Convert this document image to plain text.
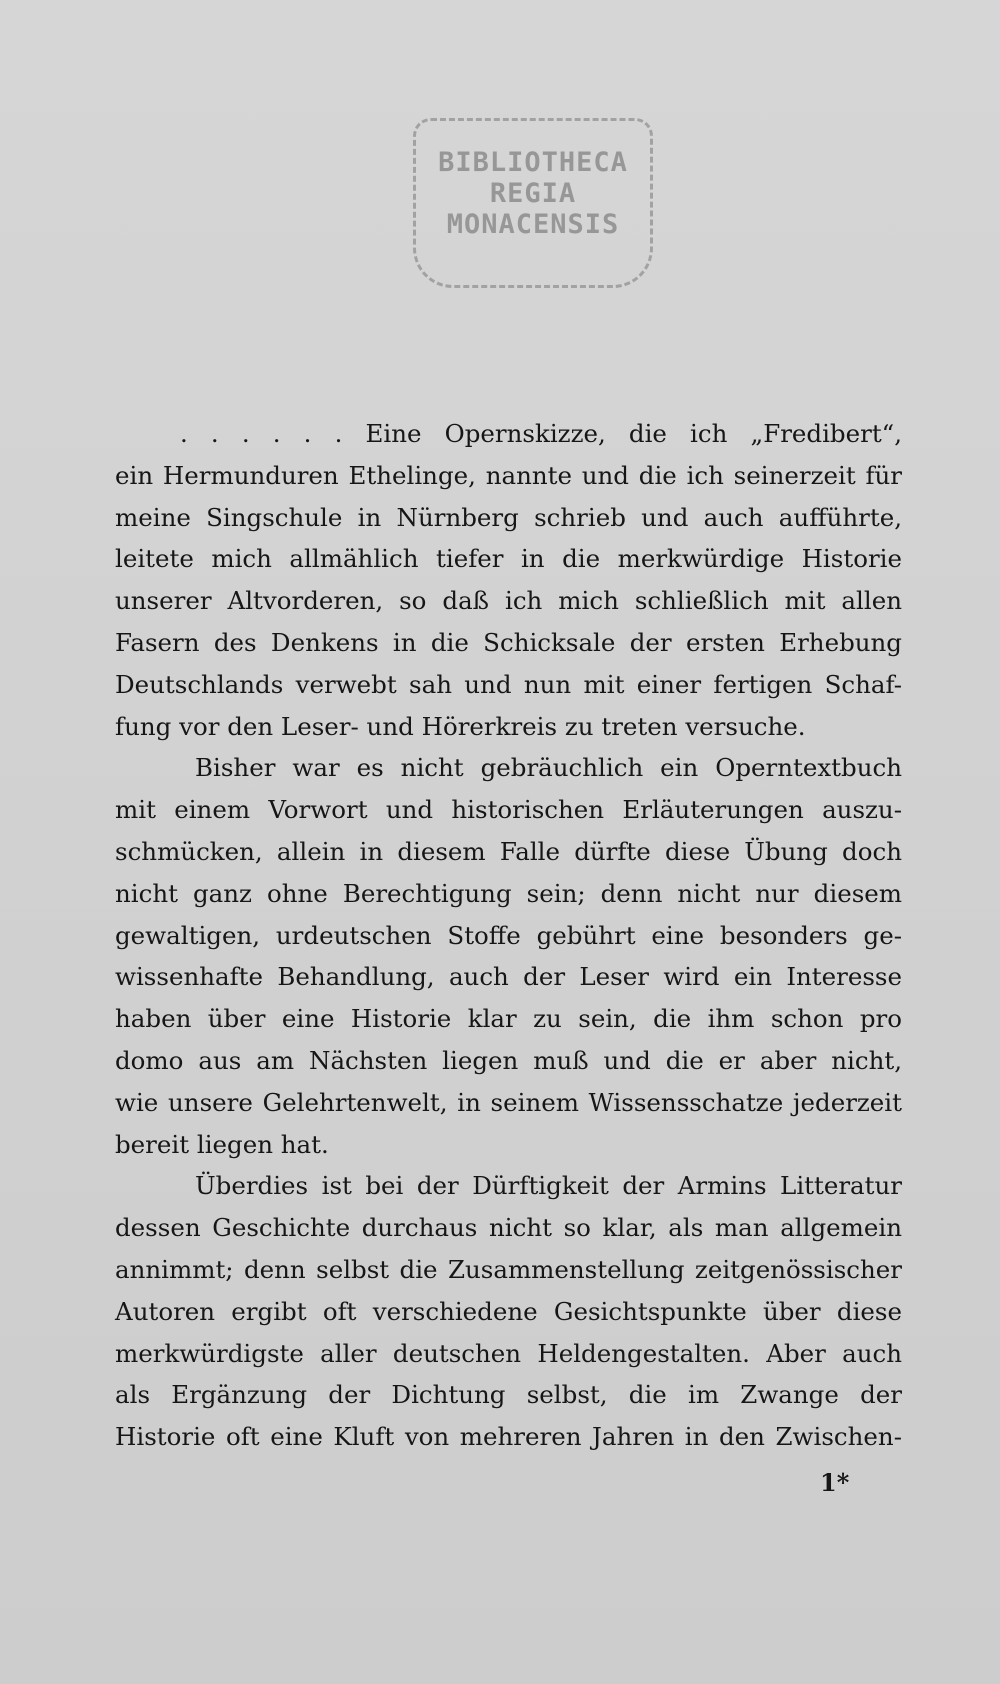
BIBLIOTHECA
REGIA
MONACENSIS
. . . . . . Eine Opernskizze, die ich „Fredibert“,
ein Hermunduren Ethelinge, nannte und die ich seinerzeit für
meine Singschule in Nürnberg schrieb und auch aufführte,
leitete mich allmählich tiefer in die merkwürdige Historie
unserer Altvorderen, so daß ich mich schließlich mit allen
Fasern des Denkens in die Schicksale der ersten Erhebung
Deutschlands verwebt sah und nun mit einer fertigen Schaf-
fung vor den Leser- und Hörerkreis zu treten versuche.
Bisher war es nicht gebräuchlich ein Operntextbuch
mit einem Vorwort und historischen Erläuterungen auszu-
schmücken, allein in diesem Falle dürfte diese Übung doch
nicht ganz ohne Berechtigung sein; denn nicht nur diesem
gewaltigen, urdeutschen Stoffe gebührt eine besonders ge-
wissenhafte Behandlung, auch der Leser wird ein Interesse
haben über eine Historie klar zu sein, die ihm schon pro
domo aus am Nächsten liegen muß und die er aber nicht,
wie unsere Gelehrtenwelt, in seinem Wissensschatze jederzeit
bereit liegen hat.
Überdies ist bei der Dürftigkeit der Armins Litteratur
dessen Geschichte durchaus nicht so klar, als man allgemein
annimmt; denn selbst die Zusammenstellung zeitgenössischer
Autoren ergibt oft verschiedene Gesichtspunkte über diese
merkwürdigste aller deutschen Heldengestalten. Aber auch
als Ergänzung der Dichtung selbst, die im Zwange der
Historie oft eine Kluft von mehreren Jahren in den Zwischen-
1*
